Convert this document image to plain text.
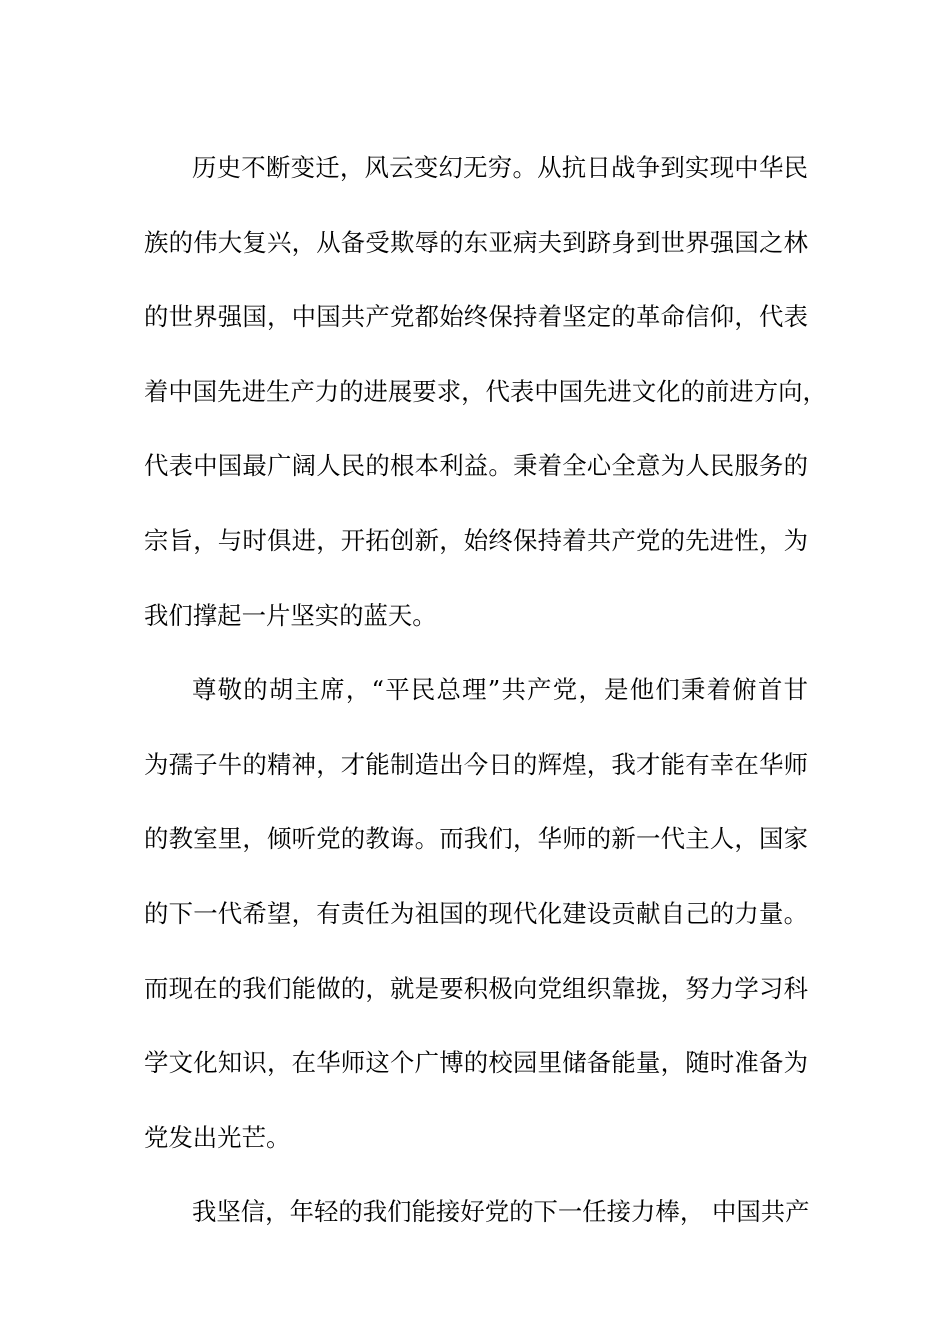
历史不断变迁，风云变幻无穷。从抗日战争到实现中华民
族的伟大复兴，从备受欺辱的东亚病夫到跻身到世界强国之林
的世界强国，中国共产党都始终保持着坚定的革命信仰，代表
着中国先进生产力的进展要求，代表中国先进文化的前进方向，
代表中国最广阔人民的根本利益。秉着全心全意为人民服务的
宗旨，与时俱进，开拓创新，始终保持着共产党的先进性，为
我们撑起一片坚实的蓝天。
尊敬的胡主席，“平民总理”共产党，是他们秉着俯首甘
为孺子牛的精神，才能制造出今日的辉煌，我才能有幸在华师
的教室里，倾听党的教诲。而我们，华师的新一代主人，国家
的下一代希望，有责任为祖国的现代化建设贡献自己的力量。
而现在的我们能做的，就是要积极向党组织靠拢，努力学习科
学文化知识，在华师这个广博的校园里储备能量，随时准备为
党发出光芒。
我坚信，年轻的我们能接好党的下一任接力棒， 中国共产
